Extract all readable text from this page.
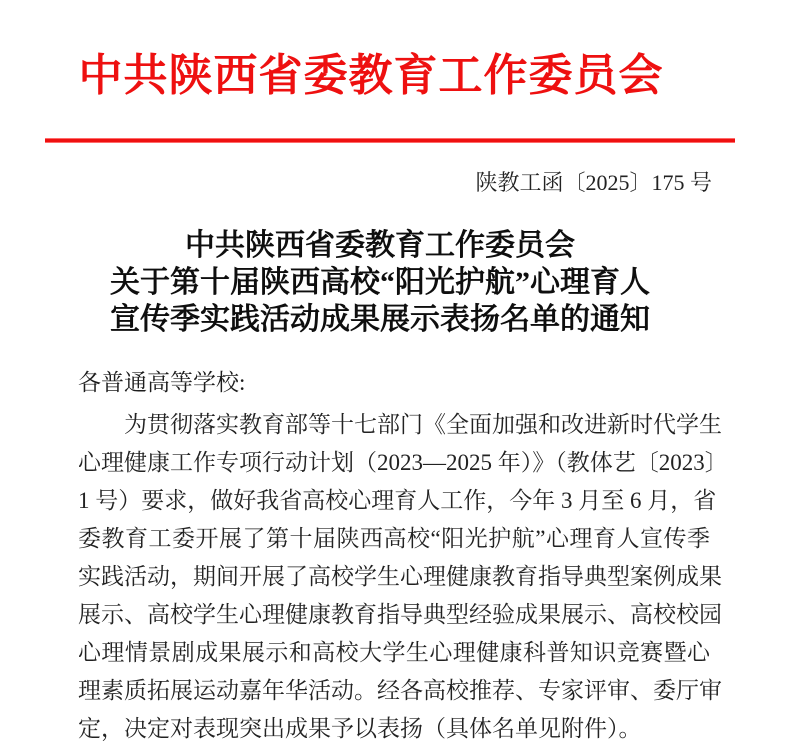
中共陕西省委教育工作委员会
陕教工函〔2025〕175 号
中共陕西省委教育工作委员会
关于第十届陕西高校“阳光护航”心理育人
宣传季实践活动成果展示表扬名单的通知
各普通高等学校:
为贯彻落实教育部等十七部门《全面加强和改进新时代学生
心理健康工作专项行动计划（2023—2025 年）》（教体艺〔2023〕
1 号）要求，做好我省高校心理育人工作，今年 3 月至 6 月，省
委教育工委开展了第十届陕西高校“阳光护航”心理育人宣传季
实践活动，期间开展了高校学生心理健康教育指导典型案例成果
展示、高校学生心理健康教育指导典型经验成果展示、高校校园
心理情景剧成果展示和高校大学生心理健康科普知识竞赛暨心
理素质拓展运动嘉年华活动。经各高校推荐、专家评审、委厅审
定，决定对表现突出成果予以表扬（具体名单见附件）。
